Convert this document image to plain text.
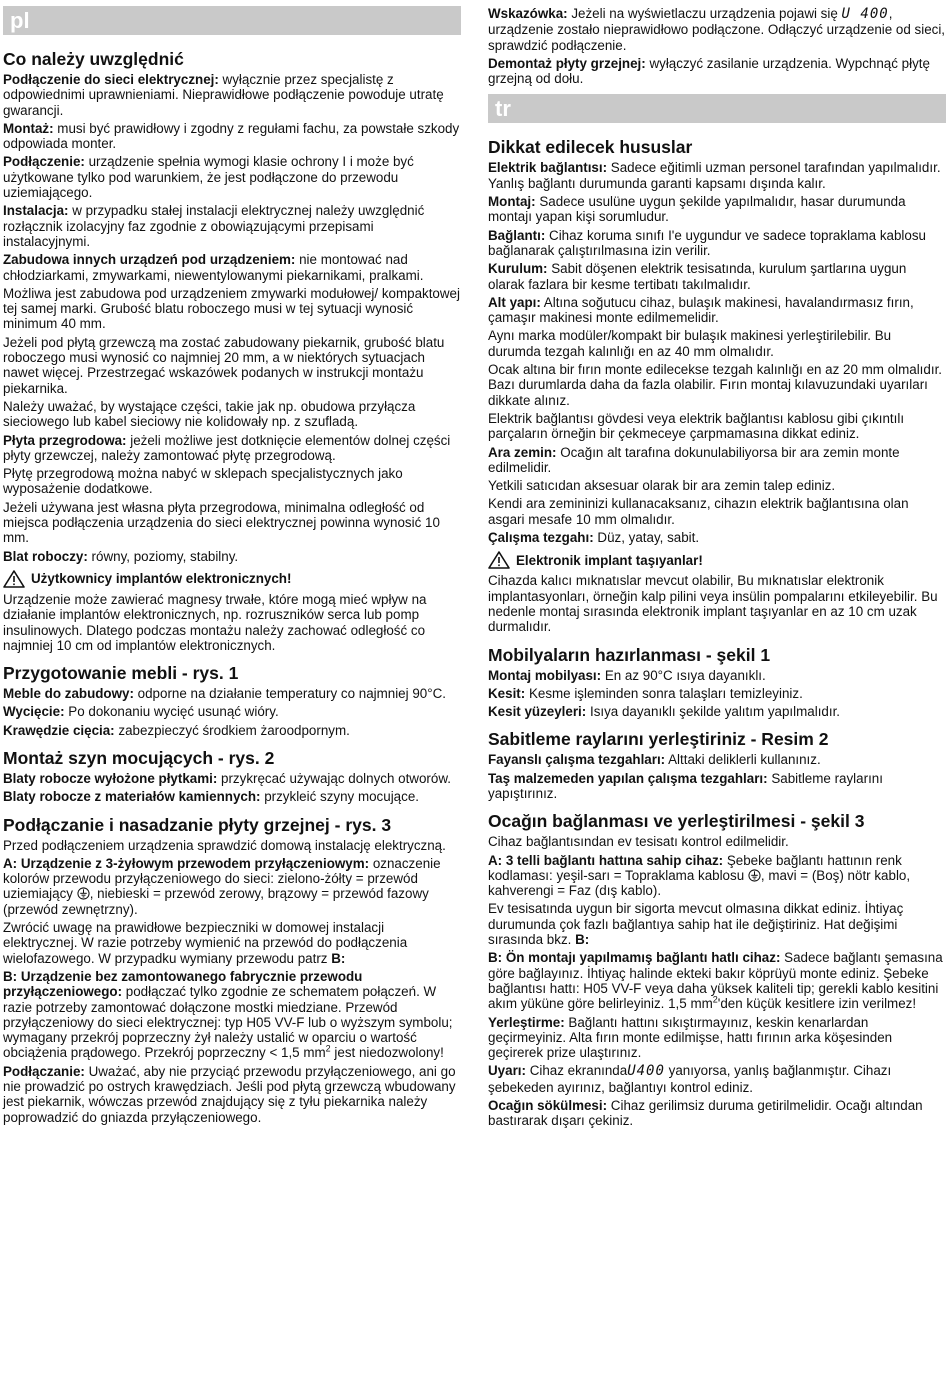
pl
Co należy uwzględnić

Podłączenie do sieci elektrycznej: wyłącznie przez specjalistę z odpowiednimi uprawnieniami. Nieprawidłowe podłączenie powoduje utratę gwarancji.

Montaż: musi być prawidłowy i zgodny z regułami fachu, za powstałe szkody odpowiada monter.

Podłączenie: urządzenie spełnia wymogi klasie ochrony I i może być użytkowane tylko pod warunkiem, że jest podłączone do przewodu uziemiającego.

Instalacja: w przypadku stałej instalacji elektrycznej należy uwzględnić rozłącznik izolacyjny faz zgodnie z obowiązującymi przepisami instalacyjnymi.

Zabudowa innych urządzeń pod urządzeniem: nie montować nad chłodziarkami, zmywarkami, niewentylowanymi piekarnikami, pralkami.

Możliwa jest zabudowa pod urządzeniem zmywarki modułowej/ kompaktowej tej samej marki. Grubość blatu roboczego musi w tej sytuacji wynosić minimum 40 mm.

Jeżeli pod płytą grzewczą ma zostać zabudowany piekarnik, grubość blatu roboczego musi wynosić co najmniej 20 mm, a w niektórych sytuacjach nawet więcej. Przestrzegać wskazówek podanych w instrukcji montażu piekarnika.

Należy uważać, by wystające części, takie jak np. obudowa przyłącza sieciowego lub kabel sieciowy nie kolidowały np. z szufladą.

Płyta przegrodowa: jeżeli możliwe jest dotknięcie elementów dolnej części płyty grzewczej, należy zamontować płytę przegrodową.

Płytę przegrodową można nabyć w sklepach specjalistycznych jako wyposażenie dodatkowe.

Jeżeli używana jest własna płyta przegrodowa, minimalna odległość od miejsca podłączenia urządzenia do sieci elektrycznej powinna wynosić 10 mm.

Blat roboczy: równy, poziomy, stabilny.

Użytkownicy implantów elektronicznych!

Urządzenie może zawierać magnesy trwałe, które mogą mieć wpływ na działanie implantów elektronicznych, np. rozruszników serca lub pomp insulinowych. Dlatego podczas montażu należy zachować odległość co najmniej 10 cm od implantów elektronicznych.

Przygotowanie mebli - rys. 1

Meble do zabudowy: odporne na działanie temperatury co najmniej 90°C.

Wycięcie: Po dokonaniu wycięć usunąć wióry.

Krawędzie cięcia: zabezpieczyć środkiem żaroodpornym.

Montaż szyn mocujących - rys. 2

Blaty robocze wyłożone płytkami: przykręcać używając dolnych otworów.

Blaty robocze z materiałów kamiennych: przykleić szyny mocujące.

Podłączanie i nasadzanie płyty grzejnej - rys. 3

Przed podłączeniem urządzenia sprawdzić domową instalację elektryczną.

A: Urządzenie z 3-żyłowym przewodem przyłączeniowym: oznaczenie kolorów przewodu przyłączeniowego do sieci: zielono-żółty = przewód uziemiający , niebieski = przewód zerowy, brązowy = przewód fazowy (przewód zewnętrzny).

Zwrócić uwagę na prawidłowe bezpieczniki w domowej instalacji elektrycznej. W razie potrzeby wymienić na przewód do podłączenia wielofazowego. W przypadku wymiany przewodu patrz B:

B: Urządzenie bez zamontowanego fabrycznie przewodu przyłączeniowego: podłączać tylko zgodnie ze schematem połączeń. W razie potrzeby zamontować dołączone mostki miedziane. Przewód przyłączeniowy do sieci elektrycznej: typ H05 VV-F lub o wyższym symbolu; wymagany przekrój poprzeczny żył należy ustalić w oparciu o wartość obciążenia prądowego. Przekrój poprzeczny < 1,5 $mm^2$ jest niedozwolony!

Podłączanie: Uważać, aby nie przyciąć przewodu przyłączeniowego, ani go nie prowadzić po ostrych krawędziach. Jeśli pod płytą grzewczą wbudowany jest piekarnik, wówczas przewód znajdujący się z tyłu piekarnika należy poprowadzić do gniazda przyłączeniowego.

Wskazówka: Jeżeli na wyświetlaczu urządzenia pojawi się U 400, urządzenie zostało nieprawidłowo podłączone. Odłączyć urządzenie od sieci, sprawdzić podłączenie.

Demontaż płyty grzejnej: wyłączyć zasilanie urządzenia. Wypchnąć płytę grzejną od dołu.

tr
Dikkat edilecek hususlar

Elektrik bağlantısı: Sadece eğitimli uzman personel tarafından yapılmalıdır. Yanlış bağlantı durumunda garanti kapsamı dışında kalır.

Montaj: Sadece usulüne uygun şekilde yapılmalıdır, hasar durumunda montajı yapan kişi sorumludur.

Bağlantı: Cihaz koruma sınıfı I'e uygundur ve sadece topraklama kablosu bağlanarak çalıştırılmasına izin verilir.

Kurulum: Sabit döşenen elektrik tesisatında, kurulum şartlarına uygun olarak fazlara bir kesme tertibatı takılmalıdır.

Alt yapı: Altına soğutucu cihaz, bulaşık makinesi, havalandırmasız fırın, çamaşır makinesi monte edilmemelidir.

Aynı marka modüler/kompakt bir bulaşık makinesi yerleştirilebilir. Bu durumda tezgah kalınlığı en az 40 mm olmalıdır.

Ocak altına bir fırın monte edilecekse tezgah kalınlığı en az 20 mm olmalıdır. Bazı durumlarda daha da fazla olabilir. Fırın montaj kılavuzundaki uyarıları dikkate alınız.

Elektrik bağlantısı gövdesi veya elektrik bağlantısı kablosu gibi çıkıntılı parçaların örneğin bir çekmeceye çarpmamasına dikkat ediniz.

Ara zemin: Ocağın alt tarafına dokunulabiliyorsa bir ara zemin monte edilmelidir.

Yetkili satıcıdan aksesuar olarak bir ara zemin talep ediniz.

Kendi ara zemininizi kullanacaksanız, cihazın elektrik bağlantısına olan asgari mesafe 10 mm olmalıdır.

Çalışma tezgahı: Düz, yatay, sabit.

Elektronik implant taşıyanlar!

Cihazda kalıcı mıknatıslar mevcut olabilir, Bu mıknatıslar elektronik implantasyonları, örneğin kalp pilini veya insülin pompalarını etkileyebilir. Bu nedenle montaj sırasında elektronik implant taşıyanlar en az 10 cm uzak durmalıdır.

Mobilyaların hazırlanması - şekil 1

Montaj mobilyası: En az 90°C ısıya dayanıklı.

Kesit: Kesme işleminden sonra talaşları temizleyiniz.

Kesit yüzeyleri: Isıya dayanıklı şekilde yalıtım yapılmalıdır.

Sabitleme raylarını yerleştiriniz - Resim 2

Fayanslı çalışma tezgahları: Alttaki deliklerli kullanınız.

Taş malzemeden yapılan çalışma tezgahları: Sabitleme raylarını yapıştırınız.

Ocağın bağlanması ve yerleştirilmesi - şekil 3

Cihaz bağlantısından ev tesisatı kontrol edilmelidir.

A: 3 telli bağlantı hattına sahip cihaz: Şebeke bağlantı hattının renk kodlaması: yeşil-sarı = Topraklama kablosu , mavi = (Boş) nötr kablo, kahverengi = Faz (dış kablo).

Ev tesisatında uygun bir sigorta mevcut olmasına dikkat ediniz. İhtiyaç durumunda çok fazlı bağlantıya sahip hat ile değiştiriniz. Hat değişimi sırasında bkz. B:

B: Ön montajı yapılmamış bağlantı hatlı cihaz: Sadece bağlantı şemasına göre bağlayınız. İhtiyaç halinde ekteki bakır köprüyü monte ediniz. Şebeke bağlantısı hattı: H05 VV-F veya daha yüksek kaliteli tip; gerekli kablo kesitini akım yüküne göre belirleyiniz. 1,5 $mm^2'den$ küçük kesitlere izin verilmez!

Yerleştirme: Bağlantı hattını sıkıştırmayınız, keskin kenarlardan geçirmeyiniz. Alta fırın monte edilmişse, hattı fırının arka köşesinden geçirerek prize ulaştırınız.

Uyarı: Cihaz ekranındaU400 yanıyorsa, yanlış bağlanmıştır. Cihazı şebekeden ayırınız, bağlantıyı kontrol ediniz.

Ocağın sökülmesi: Cihaz gerilimsiz duruma getirilmelidir. Ocağı altından bastırarak dışarı çekiniz.
